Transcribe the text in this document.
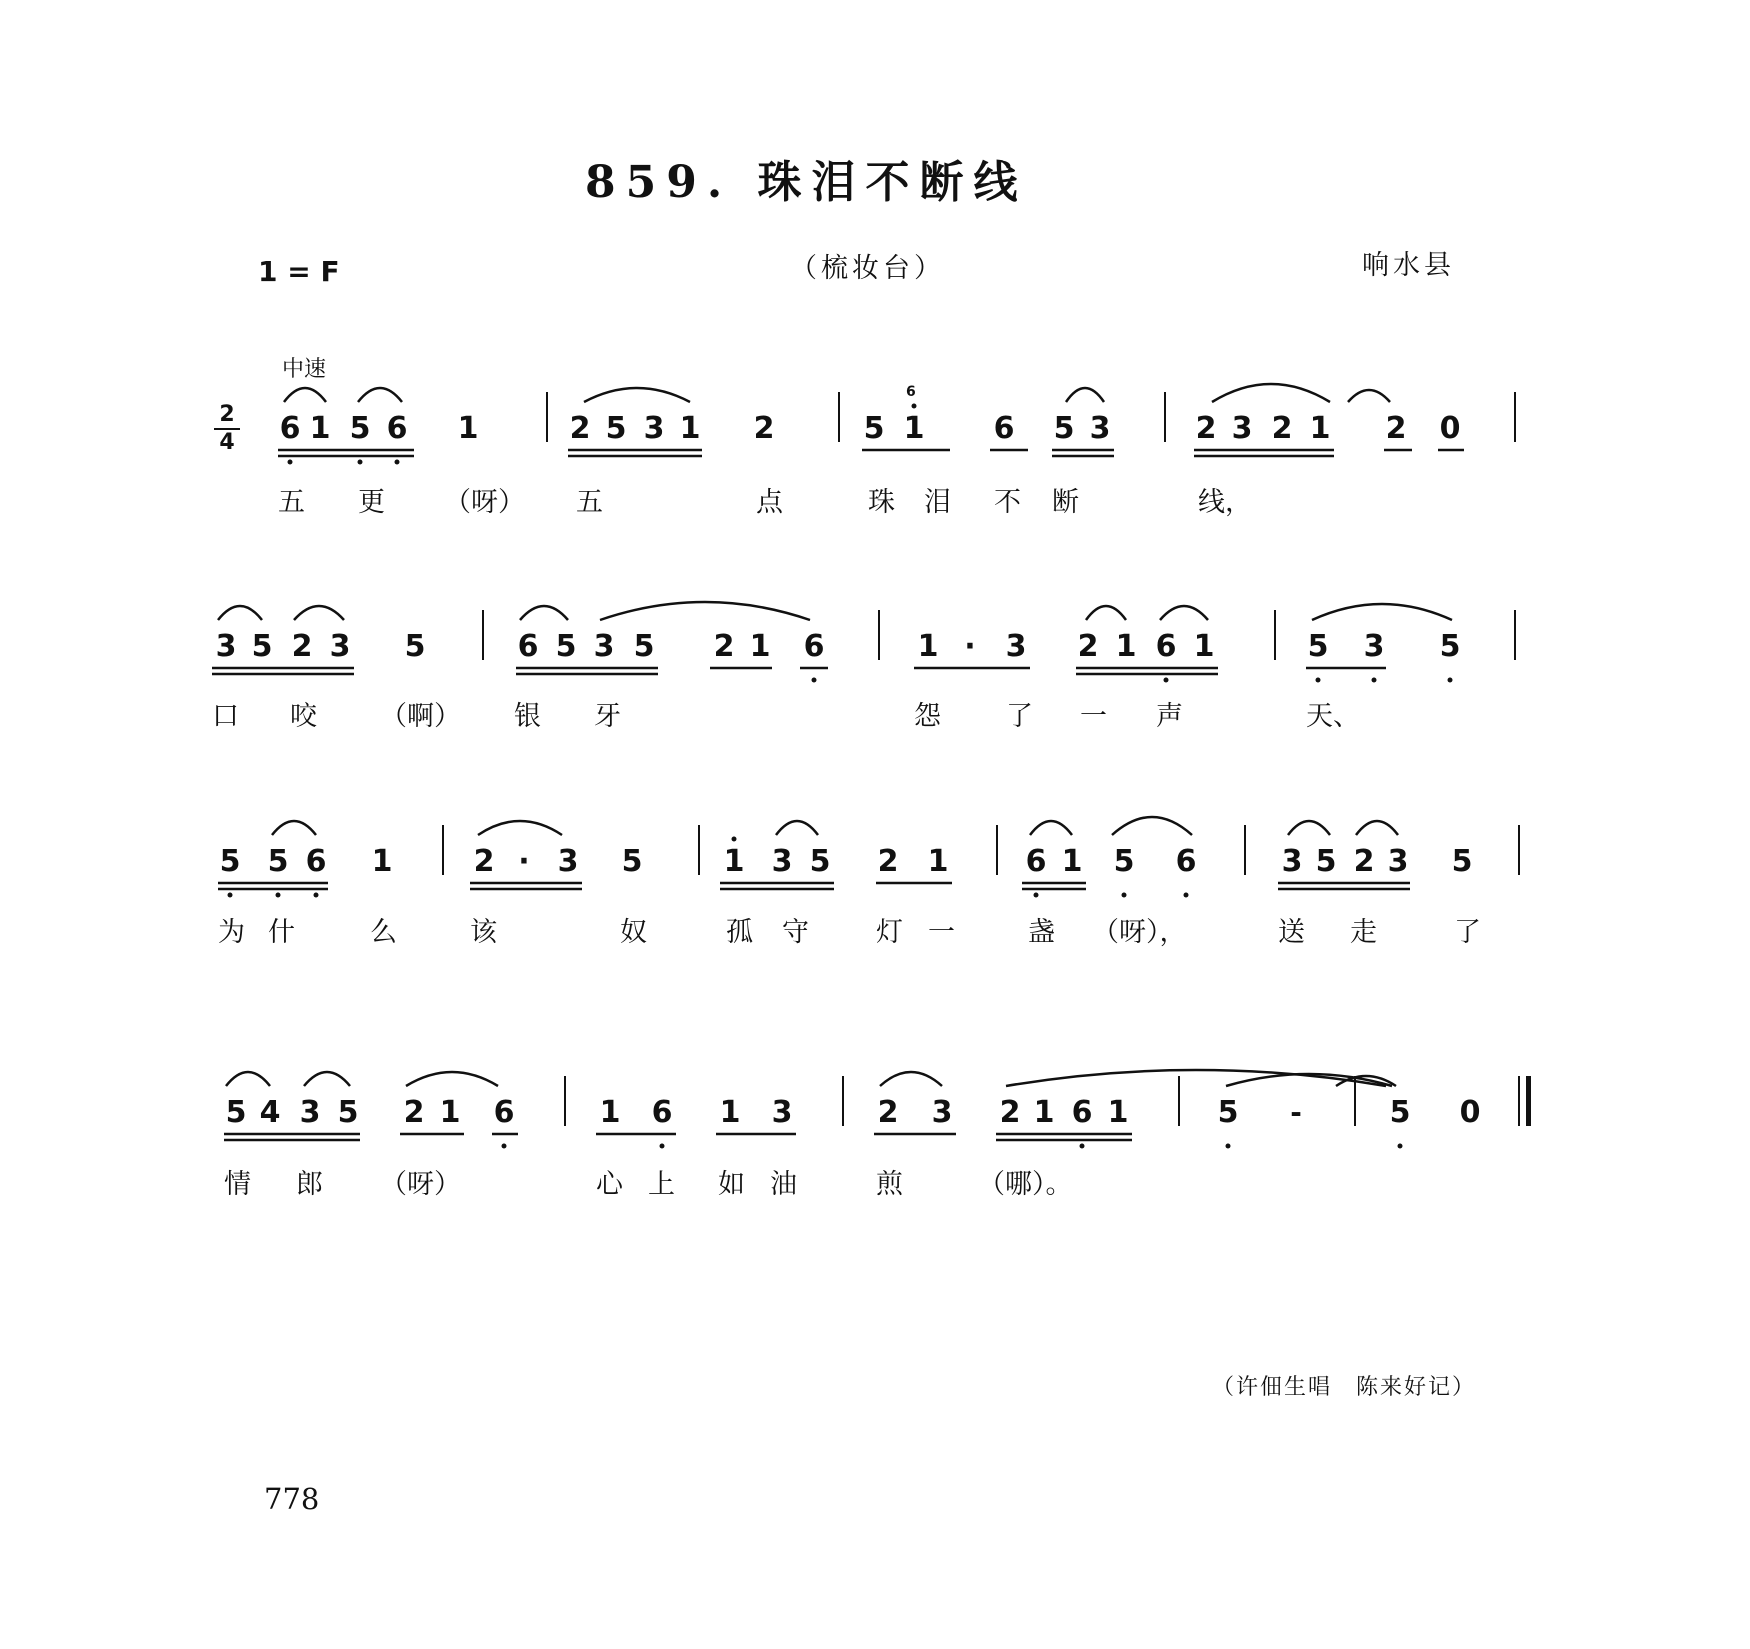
859. 珠泪不断线
1 = F	（梳妆台）	响水县
中速
2
4 6 1 5 6 1	2 5 3 1 2	5 1 6 5 3	2 3 2 1 2 0
五 更 （呀） 五	点	珠 泪 不 断	线，
3 5 2 3 5	6 5 3 5 2 1 6	1 · 3 2 1 6 1	5 3 5
口 咬 （啊） 银 牙	怨 了 一 声	天、
5 5 6 1	2 · 3 5	1 3 5 2 1	6 1 5 6	3 5 2 3 5
为 什	么	该	奴	孤 守 灯 一	盏 （呀），	送 走	了
5 4 3 5 2 1 6	1 6 1 3	2 3 2 1 6 1	5 -	5 0
情 郎 （呀）	心 上 如 油	煎	（哪）。
6
（许佃生唱　陈来好记）
778
